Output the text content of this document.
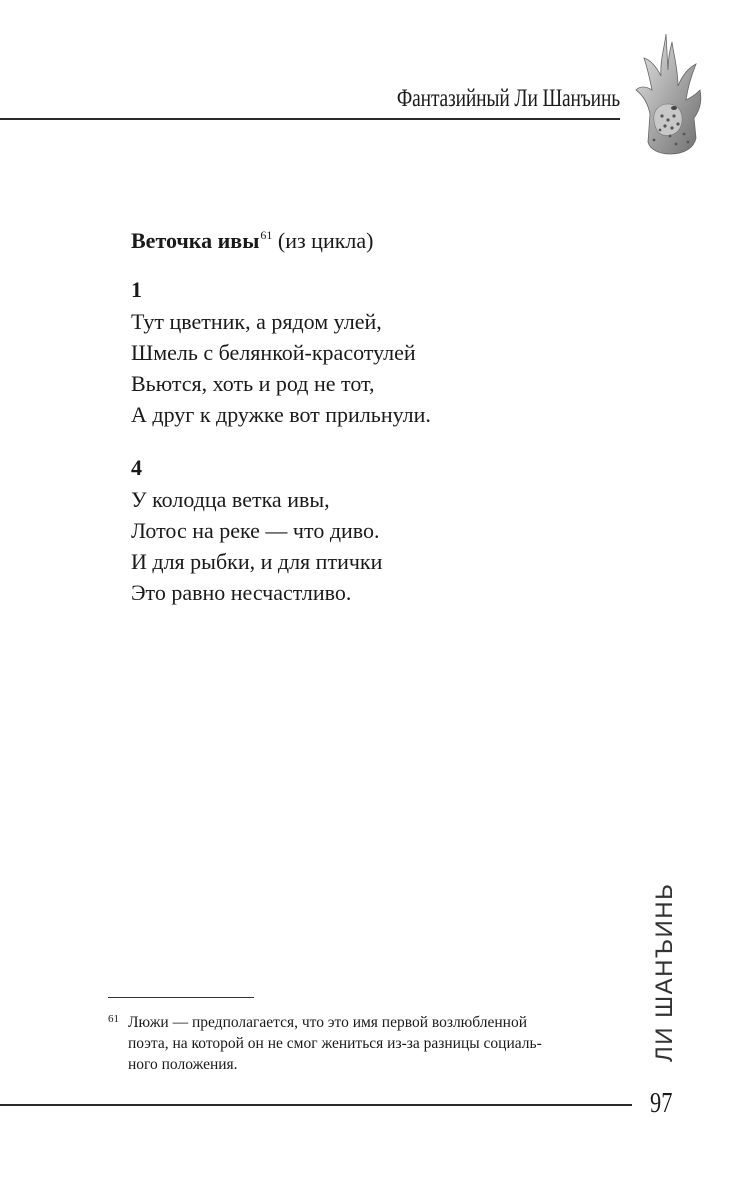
Фантазийный Ли Шанъинь
Веточка ивы$^{61}$ (из цикла)
1
Тут цветник, а рядом улей,
Шмель с белянкой-красотулей
Вьются, хоть и род не тот,
А друг к дружке вот прильнули.
4
У колодца ветка ивы,
Лотос на реке — что диво.
И для рыбки, и для птички
Это равно несчастливо.
61 Люжи — предполагается, что это имя первой возлюбленной
поэта, на которой он не смог жениться из-за разницы социаль-
ного положения.
ЛИ ШАНЪИНЬ
97
